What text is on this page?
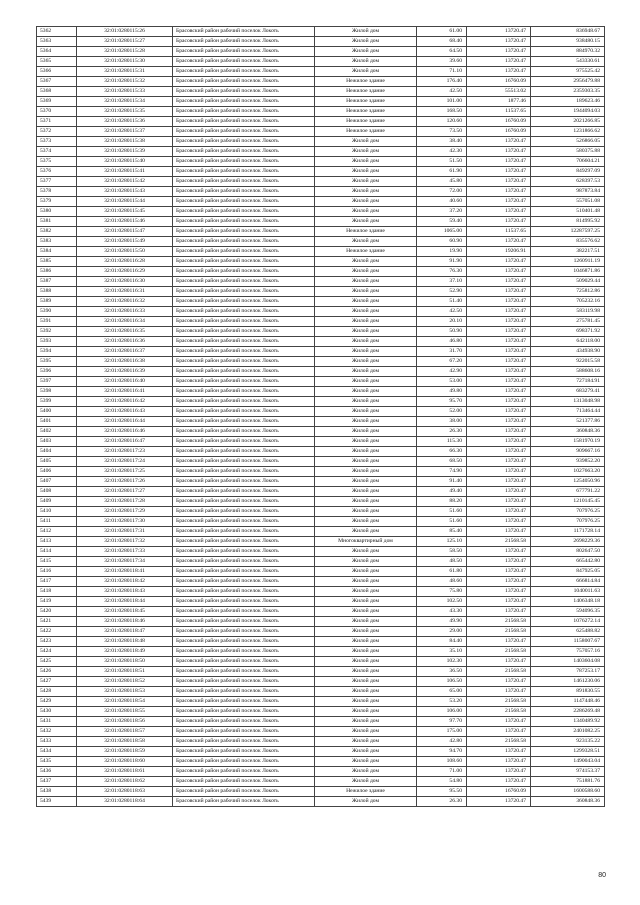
5362	32:01:0280115:26	Брасовский район рабочий поселок Локоть	Жилой дом	61.00	13720.47	836948.67
5363	32:01:0280115:27	Брасовский район рабочий поселок Локоть	Жилой дом	68.40	13720.47	938480.15
5364	32:01:0280115:28	Брасовский район рабочий поселок Локоть	Жилой дом	64.50	13720.47	884970.32
5365	32:01:0280115:30	Брасовский район рабочий поселок Локоть	Жилой дом	39.60	13720.47	543330.61
5366	32:01:0280115:31	Брасовский район рабочий поселок Локоть	Жилой дом	71.10	13720.47	975525.42
5367	32:01:0280115:32	Брасовский район рабочий поселок Локоть	Нежилое здание	176.40	16760.09	2956479.88
5368	32:01:0280115:33	Брасовский район рабочий поселок Локоть	Нежилое здание	42.50	55513.02	2359303.35
5369	32:01:0280115:34	Брасовский район рабочий поселок Локоть	Нежилое здание	101.00	1877.46	189623.46
5370	32:01:0280115:35	Брасовский район рабочий поселок Локоть	Нежилое здание	168.50	11537.65	1944094.03
5371	32:01:0280115:36	Брасовский район рабочий поселок Локоть	Нежилое здание	120.60	16760.09	2021266.85
5372	32:01:0280115:37	Брасовский район рабочий поселок Локоть	Нежилое здание	73.50	16760.09	1231866.62
5373	32:01:0280115:38	Брасовский район рабочий поселок Локоть	Жилой дом	38.40	13720.47	526866.05
5374	32:01:0280115:39	Брасовский район рабочий поселок Локоть	Жилой дом	42.30	13720.47	580375.88
5375	32:01:0280115:40	Брасовский район рабочий поселок Локоть	Жилой дом	51.50	13720.47	706604.21
5376	32:01:0280115:41	Брасовский район рабочий поселок Локоть	Жилой дом	61.90	13720.47	849297.09
5377	32:01:0280115:42	Брасовский район рабочий поселок Локоть	Жилой дом	45.80	13720.47	628397.53
5378	32:01:0280115:43	Брасовский район рабочий поселок Локоть	Жилой дом	72.00	13720.47	987873.84
5379	32:01:0280115:44	Брасовский район рабочий поселок Локоть	Жилой дом	40.60	13720.47	557051.08
5380	32:01:0280115:45	Брасовский район рабочий поселок Локоть	Жилой дом	37.20	13720.47	510401.48
5381	32:01:0280115:46	Брасовский район рабочий поселок Локоть	Жилой дом	59.40	13720.47	814995.92
5382	32:01:0280115:47	Брасовский район рабочий поселок Локоть	Нежилое здание	1065.00	11537.65	12287597.25
5383	32:01:0280115:49	Брасовский район рабочий поселок Локоть	Жилой дом	60.90	13720.47	835576.62
5384	32:01:0280115:50	Брасовский район рабочий поселок Локоть	Нежилое здание	19.90	19206.91	382217.51
5385	32:01:0280116:28	Брасовский район рабочий поселок Локоть	Жилой дом	91.90	13720.47	1260911.19
5386	32:01:0280116:29	Брасовский район рабочий поселок Локоть	Жилой дом	76.30	13720.47	1046871.86
5387	32:01:0280116:30	Брасовский район рабочий поселок Локоть	Жилой дом	37.10	13720.47	509029.44
5388	32:01:0280116:31	Брасовский район рабочий поселок Локоть	Жилой дом	52.90	13720.47	725812.86
5389	32:01:0280116:32	Брасовский район рабочий поселок Локоть	Жилой дом	51.40	13720.47	705232.16
5390	32:01:0280116:33	Брасовский район рабочий поселок Локоть	Жилой дом	42.50	13720.47	583119.98
5391	32:01:0280116:34	Брасовский район рабочий поселок Локоть	Жилой дом	20.10	13720.47	275781.45
5392	32:01:0280116:35	Брасовский район рабочий поселок Локоть	Жилой дом	50.90	13720.47	698371.92
5393	32:01:0280116:36	Брасовский район рабочий поселок Локоть	Жилой дом	46.80	13720.47	642118.00
5394	32:01:0280116:37	Брасовский район рабочий поселок Локоть	Жилой дом	31.70	13720.47	434938.90
5395	32:01:0280116:38	Брасовский район рабочий поселок Локоть	Жилой дом	67.20	13720.47	922015.58
5396	32:01:0280116:39	Брасовский район рабочий поселок Локоть	Жилой дом	42.90	13720.47	588608.16
5397	32:01:0280116:40	Брасовский район рабочий поселок Локоть	Жилой дом	53.00	13720.47	727184.91
5398	32:01:0280116:41	Брасовский район рабочий поселок Локоть	Жилой дом	49.80	13720.47	683279.41
5399	32:01:0280116:42	Брасовский район рабочий поселок Локоть	Жилой дом	95.70	13720.47	1313048.98
5400	32:01:0280116:43	Брасовский район рабочий поселок Локоть	Жилой дом	52.00	13720.47	713464.44
5401	32:01:0280116:44	Брасовский район рабочий поселок Локоть	Жилой дом	38.00	13720.47	521377.86
5402	32:01:0280116:46	Брасовский район рабочий поселок Локоть	Жилой дом	26.30	13720.47	360848.36
5403	32:01:0280116:47	Брасовский район рабочий поселок Локоть	Жилой дом	115.30	13720.47	1581970.19
5404	32:01:0280117:23	Брасовский район рабочий поселок Локоть	Жилой дом	66.30	13720.47	909667.16
5405	32:01:0280117:24	Брасовский район рабочий поселок Локоть	Жилой дом	68.50	13720.47	939852.20
5406	32:01:0280117:25	Брасовский район рабочий поселок Локоть	Жилой дом	74.90	13720.47	1027663.20
5407	32:01:0280117:26	Брасовский район рабочий поселок Локоть	Жилой дом	91.40	13720.47	1254050.96
5408	32:01:0280117:27	Брасовский район рабочий поселок Локоть	Жилой дом	49.40	13720.47	677791.22
5409	32:01:0280117:28	Брасовский район рабочий поселок Локоть	Жилой дом	88.20	13720.47	1210145.45
5410	32:01:0280117:29	Брасовский район рабочий поселок Локоть	Жилой дом	51.60	13720.47	707976.25
5411	32:01:0280117:30	Брасовский район рабочий поселок Локоть	Жилой дом	51.60	13720.47	707976.25
5412	32:01:0280117:31	Брасовский район рабочий поселок Локоть	Жилой дом	85.40	13720.47	1171728.14
5413	32:01:0280117:32	Брасовский район рабочий поселок Локоть	Многоквартирный дом	125.10	21568.58	2698229.36
5414	32:01:0280117:33	Брасовский район рабочий поселок Локоть	Жилой дом	58.50	13720.47	802647.50
5415	32:01:0280117:34	Брасовский район рабочий поселок Локоть	Жилой дом	48.50	13720.47	665442.80
5416	32:01:0280118:41	Брасовский район рабочий поселок Локоть	Жилой дом	61.80	13720.47	847925.05
5417	32:01:0280118:42	Брасовский район рабочий поселок Локоть	Жилой дом	48.60	13720.47	666814.84
5418	32:01:0280118:43	Брасовский район рабочий поселок Локоть	Жилой дом	75.80	13720.47	1040011.63
5419	32:01:0280118:44	Брасовский район рабочий поселок Локоть	Жилой дом	102.50	13720.47	1406348.18
5420	32:01:0280118:45	Брасовский район рабочий поселок Локоть	Жилой дом	43.30	13720.47	594096.35
5421	32:01:0280118:46	Брасовский район рабочий поселок Локоть	Жилой дом	49.90	21568.58	1076272.14
5422	32:01:0280118:47	Брасовский район рабочий поселок Локоть	Жилой дом	29.00	21568.58	625488.82
5423	32:01:0280118:48	Брасовский район рабочий поселок Локоть	Жилой дом	84.40	13720.47	1158007.67
5424	32:01:0280118:49	Брасовский район рабочий поселок Локоть	Жилой дом	35.10	21568.58	757057.16
5425	32:01:0280118:50	Брасовский район рабочий поселок Локоть	Жилой дом	102.30	13720.47	1403604.08
5426	32:01:0280118:51	Брасовский район рабочий поселок Локоть	Жилой дом	36.50	21568.58	787253.17
5427	32:01:0280118:52	Брасовский район рабочий поселок Локоть	Жилой дом	106.50	13720.47	1461230.06
5428	32:01:0280118:53	Брасовский район рабочий поселок Локоть	Жилой дом	65.00	13720.47	891830.55
5429	32:01:0280118:54	Брасовский район рабочий поселок Локоть	Жилой дом	53.20	21568.58	1147448.46
5430	32:01:0280118:55	Брасовский район рабочий поселок Локоть	Жилой дом	106.00	21568.58	2286269.48
5431	32:01:0280118:56	Брасовский район рабочий поселок Локоть	Жилой дом	97.70	13720.47	1340489.92
5432	32:01:0280118:57	Брасовский район рабочий поселок Локоть	Жилой дом	175.00	13720.47	2401082.25
5433	32:01:0280118:58	Брасовский район рабочий поселок Локоть	Жилой дом	42.80	21568.58	923135.22
5434	32:01:0280118:59	Брасовский район рабочий поселок Локоть	Жилой дом	94.70	13720.47	1299328.51
5435	32:01:0280118:60	Брасовский район рабочий поселок Локоть	Жилой дом	108.60	13720.47	1490043.04
5436	32:01:0280118:61	Брасовский район рабочий поселок Локоть	Жилой дом	71.00	13720.47	974153.37
5437	32:01:0280118:62	Брасовский район рабочий поселок Локоть	Жилой дом	54.80	13720.47	751881.76
5438	32:01:0280118:63	Брасовский район рабочий поселок Локоть	Нежилое здание	95.50	16760.09	1600588.60
5439	32:01:0280118:64	Брасовский район рабочий поселок Локоть	Жилой дом	26.30	13720.47	360848.36
80
